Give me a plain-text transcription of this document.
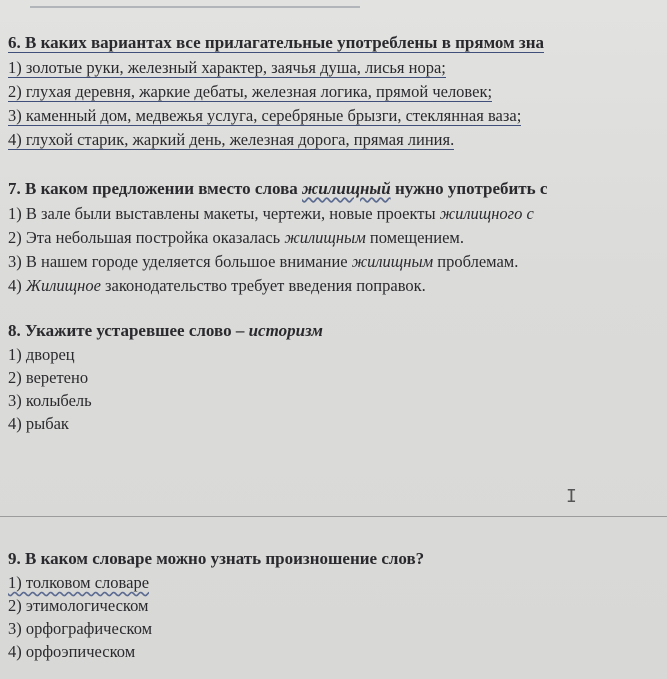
6. В каких вариантах все прилагательные употреблены в прямом зна
1) золотые руки, железный характер, заячья душа, лисья нора;
2) глухая деревня, жаркие дебаты, железная логика, прямой человек;
3) каменный дом, медвежья услуга, серебряные брызги, стеклянная ваза;
4) глухой старик, жаркий день, железная дорога, прямая линия.
7. В каком предложении вместо слова жилищный нужно употребить с
1) В зале были выставлены макеты, чертежи, новые проекты жилищного с
2) Эта небольшая постройка оказалась жилищным помещением.
3) В нашем городе уделяется большое внимание жилищным проблемам.
4) Жилищное законодательство требует введения поправок.
8. Укажите устаревшее слово – историзм
1) дворец
2) веретено
3) колыбель
4) рыбак
I
9. В каком словаре можно узнать произношение слов?
1) толковом словаре
2) этимологическом
3) орфографическом
4) орфоэпическом
